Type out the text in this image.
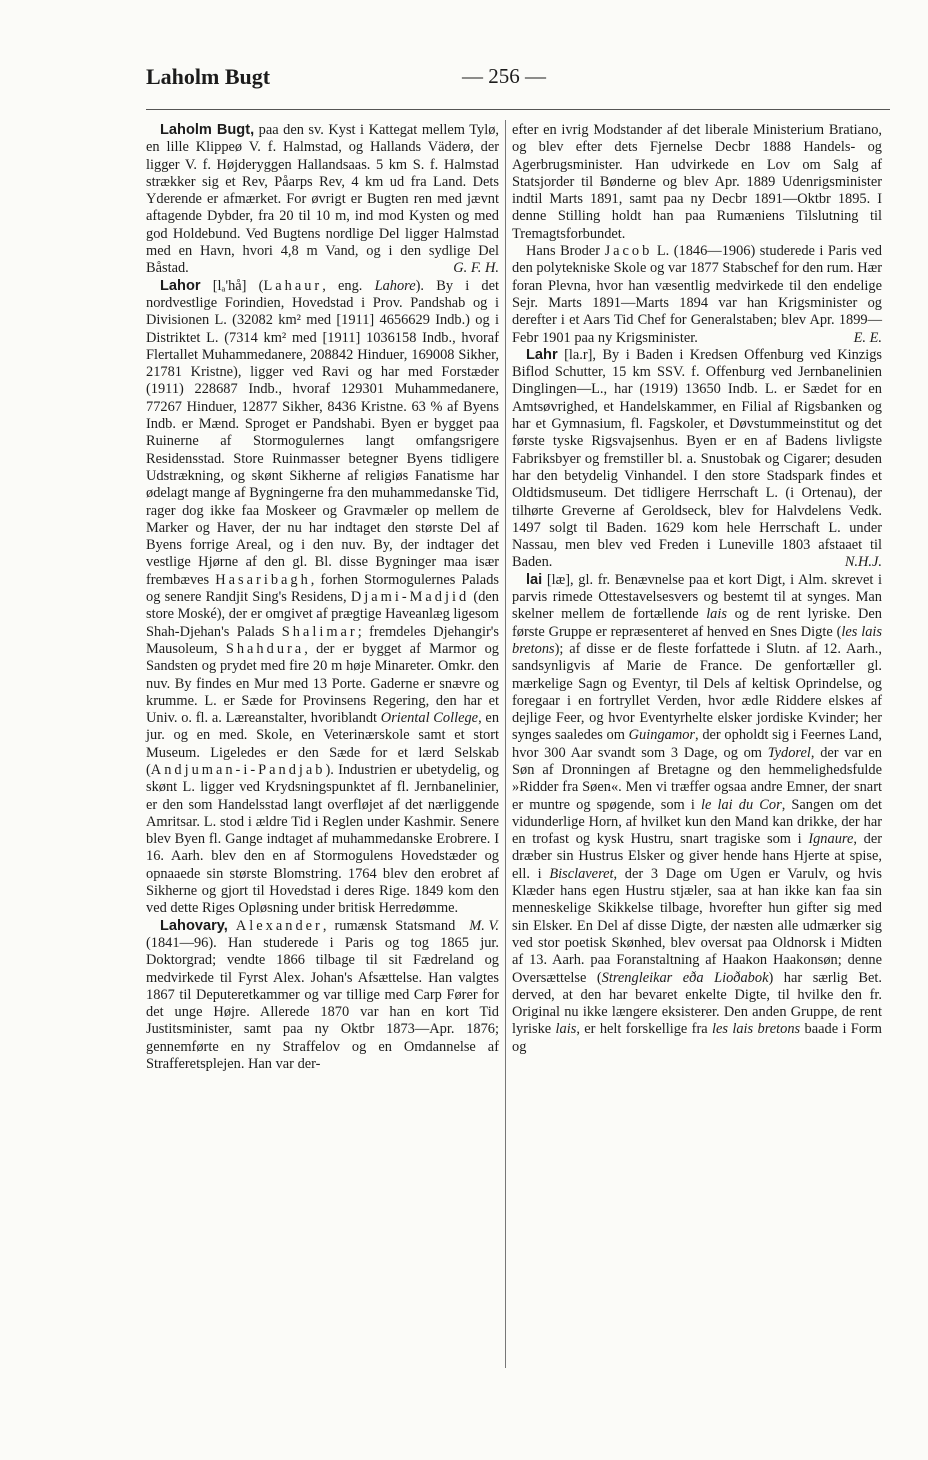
Laholm Bugt	— 256 —

Laholm Bugt, paa den sv. Kyst i Kattegat mellem Tylø, en lille Klippeø V. f. Halmstad, og Hallands Väderø, der ligger V. f. Højderyggen Hallandsaas. 5 km S. f. Halmstad strækker sig et Rev, Påarps Rev, 4 km ud fra Land. Dets Yderende er afmærket. For øvrigt er Bugten ren med jævnt aftagende Dybder, fra 20 til 10 m, ind mod Kysten og med god Holdebund. Ved Bugtens nordlige Del ligger Halmstad med en Havn, hvori 4,8 m Vand, og i den sydlige Del Båstad.	G. F. H.

Lahor [lₐ'hå] (Lahaur, eng. Lahore). By i det nordvestlige Forindien, Hovedstad i Prov. Pandshab og i Divisionen L. (32082 km² med [1911] 4656629 Indb.) og i Distriktet L. (7314 km² med [1911] 1036158 Indb., hvoraf Flertallet Muhammedanere, 208842 Hinduer, 169008 Sikher, 21781 Kristne), ligger ved Ravi og har med Forstæder (1911) 228687 Indb., hvoraf 129301 Muhammedanere, 77267 Hinduer, 12877 Sikher, 8436 Kristne. 63 % af Byens Indb. er Mænd. Sproget er Pandshabi. Byen er bygget paa Ruinerne af Stormogulernes langt omfangsrigere Residensstad. Store Ruinmasser betegner Byens tidligere Udstrækning, og skønt Sikherne af religiøs Fanatisme har ødelagt mange af Bygningerne fra den muhammedanske Tid, rager dog ikke faa Moskeer og Gravmæler op mellem de Marker og Haver, der nu har indtaget den største Del af Byens forrige Areal, og i den nuv. By, der indtager det vestlige Hjørne af den gl. Bl. disse Bygninger maa især frembæves Hasaribagh, forhen Stormogulernes Palads og senere Randjit Sing's Residens, Djami-Madjid (den store Moské), der er omgivet af prægtige Haveanlæg ligesom Shah-Djehan's Palads Shalimar; fremdeles Djehangir's Mausoleum, Shahdura, der er bygget af Marmor og Sandsten og prydet med fire 20 m høje Minareter. Omkr. den nuv. By findes en Mur med 13 Porte. Gaderne er snævre og krumme. L. er Sæde for Provinsens Regering, den har et Univ. o. fl. a. Læreanstalter, hvoriblandt Oriental College, en jur. og en med. Skole, en Veterinærskole samt et stort Museum. Ligeledes er den Sæde for et lærd Selskab (Andjuman-i-Pandjab). Industrien er ubetydelig, og skønt L. ligger ved Krydsningspunktet af fl. Jernbanelinier, er den som Handelsstad langt overfløjet af det nærliggende Amritsar. L. stod i ældre Tid i Reglen under Kashmir. Senere blev Byen fl. Gange indtaget af muhammedanske Erobrere. I 16. Aarh. blev den en af Stormogulens Hovedstæder og opnaaede sin største Blomstring. 1764 blev den erobret af Sikherne og gjort til Hovedstad i deres Rige. 1849 kom den ved dette Riges Opløsning under britisk Herredømme.
M. V.

Lahovary, Alexander, rumænsk Statsmand (1841—96). Han studerede i Paris og tog 1865 jur. Doktorgrad; vendte 1866 tilbage til sit Fædreland og medvirkede til Fyrst Alex. Johan's Afsættelse. Han valgtes 1867 til Deputeretkammer og var tillige med Carp Fører for det unge Højre. Allerede 1870 var han en kort Tid Justitsminister, samt paa ny Oktbr 1873—Apr. 1876; gennemførte en ny Straffelov og en Omdannelse af Strafferetsplejen. Han var der-

efter en ivrig Modstander af det liberale Ministerium Bratiano, og blev efter dets Fjernelse Decbr 1888 Handels- og Agerbrugsminister. Han udvirkede en Lov om Salg af Statsjorder til Bønderne og blev Apr. 1889 Udenrigsminister indtil Marts 1891, samt paa ny Decbr 1891—Oktbr 1895. I denne Stilling holdt han paa Rumæniens Tilslutning til Tremagtsforbundet.

Hans Broder Jacob L. (1846—1906) studerede i Paris ved den polytekniske Skole og var 1877 Stabschef for den rum. Hær foran Plevna, hvor han væsentlig medvirkede til den endelige Sejr. Marts 1891—Marts 1894 var han Krigsminister og derefter i et Aars Tid Chef for Generalstaben; blev Apr. 1899—Febr 1901 paa ny Krigsminister.	E. E.

Lahr [la.r], By i Baden i Kredsen Offenburg ved Kinzigs Biflod Schutter, 15 km SSV. f. Offenburg ved Jernbanelinien Dinglingen—L., har (1919) 13650 Indb. L. er Sædet for en Amtsøvrighed, et Handelskammer, en Filial af Rigsbanken og har et Gymnasium, fl. Fagskoler, et Døvstummeinstitut og det første tyske Rigsvajsenhus. Byen er en af Badens livligste Fabriksbyer og fremstiller bl. a. Snustobak og Cigarer; desuden har den betydelig Vinhandel. I den store Stadspark findes et Oldtidsmuseum. Det tidligere Herrschaft L. (i Ortenau), der tilhørte Greverne af Geroldseck, blev for Halvdelens Vedk. 1497 solgt til Baden. 1629 kom hele Herrschaft L. under Nassau, men blev ved Freden i Luneville 1803 afstaaet til Baden.	N.H.J.

lai [læ], gl. fr. Benævnelse paa et kort Digt, i Alm. skrevet i parvis rimede Ottestavelsesvers og bestemt til at synges. Man skelner mellem de fortællende lais og de rent lyriske. Den første Gruppe er repræsenteret af henved en Snes Digte (les lais bretons); af disse er de fleste forfattede i Slutn. af 12. Aarh., sandsynligvis af Marie de France. De genfortæller gl. mærkelige Sagn og Eventyr, til Dels af keltisk Oprindelse, og foregaar i en fortryllet Verden, hvor ædle Riddere elskes af dejlige Feer, og hvor Eventyrhelte elsker jordiske Kvinder; her synges saaledes om Guingamor, der opholdt sig i Feernes Land, hvor 300 Aar svandt som 3 Dage, og om Tydorel, der var en Søn af Dronningen af Bretagne og den hemmelighedsfulde »Ridder fra Søen«. Men vi træffer ogsaa andre Emner, der snart er muntre og spøgende, som i le lai du Cor, Sangen om det vidunderlige Horn, af hvilket kun den Mand kan drikke, der har en trofast og kysk Hustru, snart tragiske som i Ignaure, der dræber sin Hustrus Elsker og giver hende hans Hjerte at spise, ell. i Bisclaveret, der 3 Dage om Ugen er Varulv, og hvis Klæder hans egen Hustru stjæler, saa at han ikke kan faa sin menneskelige Skikkelse tilbage, hvorefter hun gifter sig med sin Elsker. En Del af disse Digte, der næsten alle udmærker sig ved stor poetisk Skønhed, blev oversat paa Oldnorsk i Midten af 13. Aarh. paa Foranstaltning af Haakon Haakonsøn; denne Oversættelse (Strengleikar eða Lioðabok) har særlig Bet. derved, at den har bevaret enkelte Digte, til hvilke den fr. Original nu ikke længere eksisterer. Den anden Gruppe, de rent lyriske lais, er helt forskellige fra les lais bretons baade i Form og
